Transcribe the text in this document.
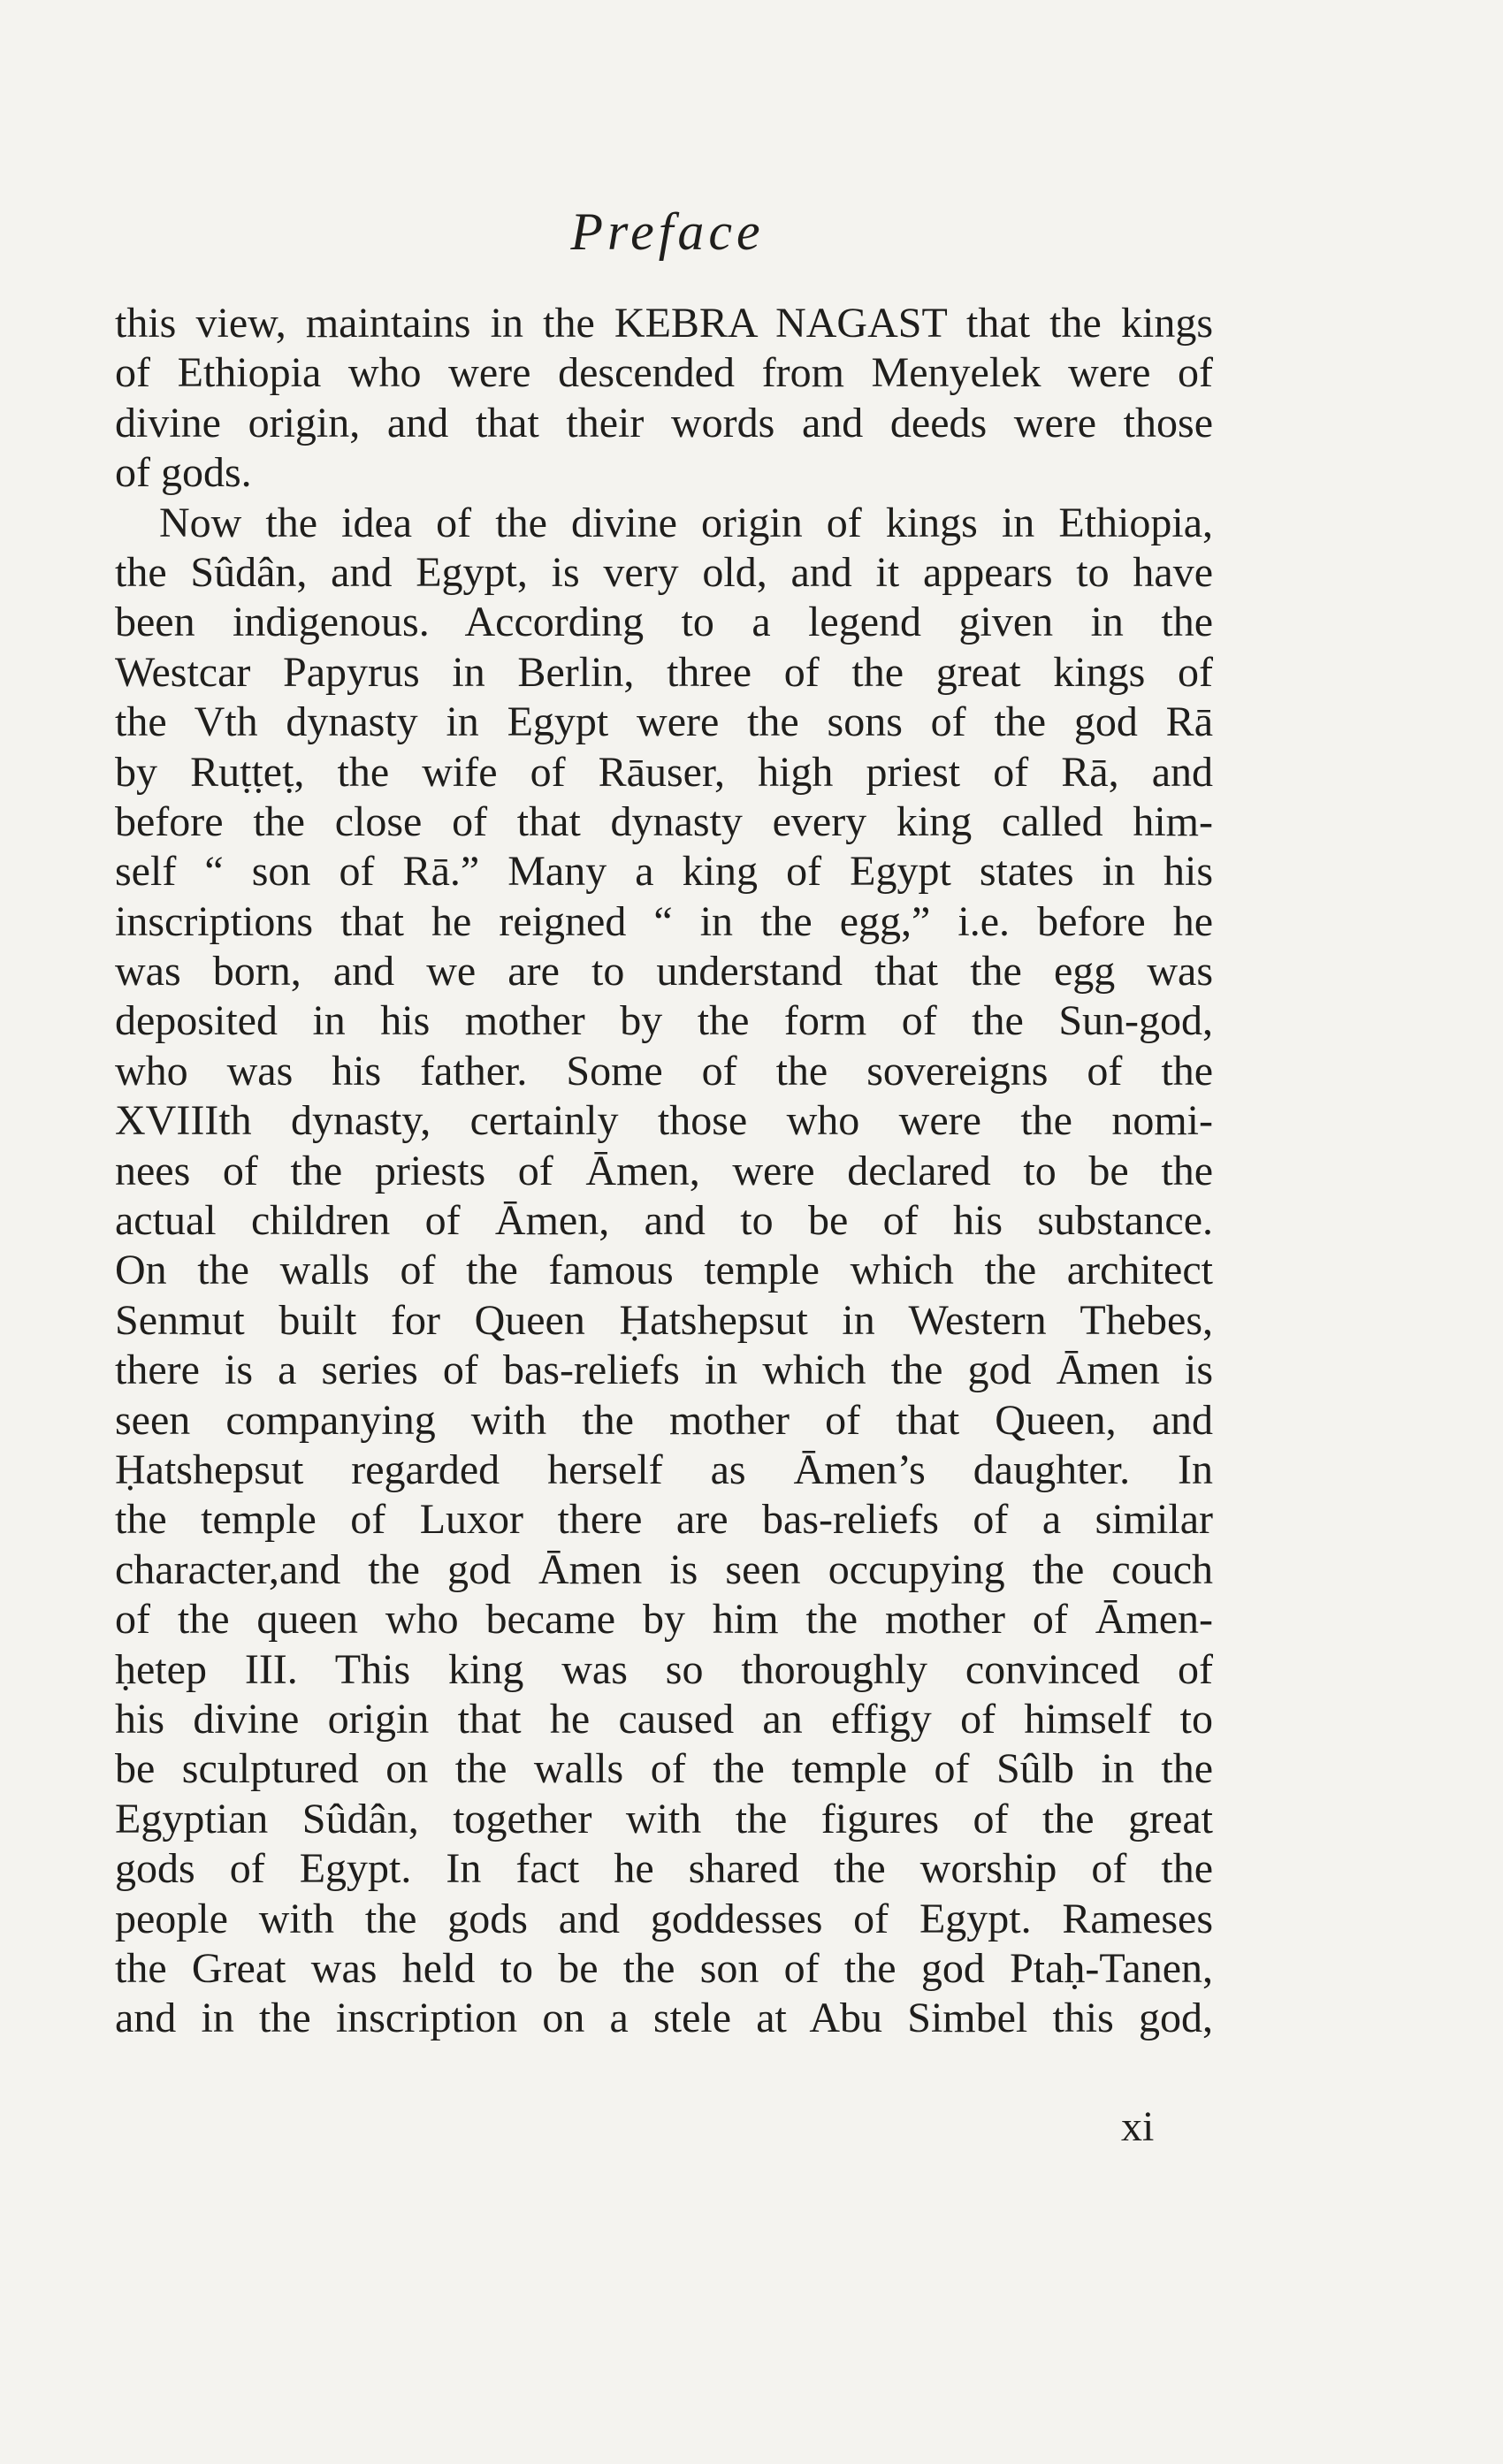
Preface
this view, maintains in the KEBRA NAGAST that the kings
of Ethiopia who were descended from Menyelek were of
divine origin, and that their words and deeds were those
of gods.
Now the idea of the divine origin of kings in Ethiopia,
the Sûdân, and Egypt, is very old, and it appears to have
been indigenous. According to a legend given in the
Westcar Papyrus in Berlin, three of the great kings of
the Vth dynasty in Egypt were the sons of the god Rā
by Ruṭṭeṭ, the wife of Rāuser, high priest of Rā, and
before the close of that dynasty every king called him-
self “ son of Rā.” Many a king of Egypt states in his
inscriptions that he reigned “ in the egg,” i.e. before he
was born, and we are to understand that the egg was
deposited in his mother by the form of the Sun-god,
who was his father. Some of the sovereigns of the
XVIIIth dynasty, certainly those who were the nomi-
nees of the priests of Āmen, were declared to be the
actual children of Āmen, and to be of his substance.
On the walls of the famous temple which the architect
Senmut built for Queen Ḥatshepsut in Western Thebes,
there is a series of bas-reliefs in which the god Āmen is
seen companying with the mother of that Queen, and
Ḥatshepsut regarded herself as Āmen’s daughter. In
the temple of Luxor there are bas-reliefs of a similar
character,and the god Āmen is seen occupying the couch
of the queen who became by him the mother of Āmen-
ḥetep III. This king was so thoroughly convinced of
his divine origin that he caused an effigy of himself to
be sculptured on the walls of the temple of Sûlb in the
Egyptian Sûdân, together with the figures of the great
gods of Egypt. In fact he shared the worship of the
people with the gods and goddesses of Egypt. Rameses
the Great was held to be the son of the god Ptaḥ-Tanen,
and in the inscription on a stele at Abu Simbel this god,

xi
